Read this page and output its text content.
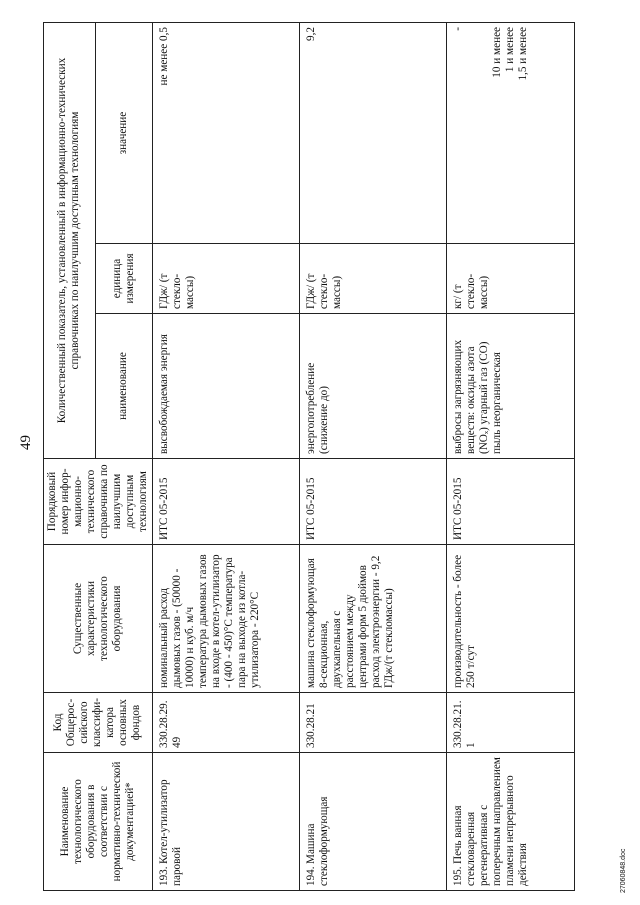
49
Наименование технологического оборудования в соответствии с нормативно-технической документацией*	Код Общерос-сийского классифи-катора основных фондов	Существенные характеристики технологического оборудования	Порядковый номер инфор-мационно-технического справочника по наилучшим доступным технологиям	Количественный показатель, установленный в информационно-технических справочниках по наилучшим доступным технологиям		
				наименование	единица измерения	значение
193.Котел-утилизатор паровой	330.28.29.49	номинальный расход дымовых газов - (50000 - 10000) н куб. м/ч температура дымовых газов на входе в котел-утилизатор - (400 - 450)°С температура пара на выходе из котла-утилизатора - 220°С	ИТС 05-2015	высвобождаемая энергия	ГДж/ (т стекло-массы)	не менее 0,5
194.Машина стеклоформующая	330.28.21	машина стеклоформующая 8-секционная, двухкапельная с расстоянием между центрами форм 5 дюймов расход электроэнергии - 9,2 ГДж/(т стекломассы)	ИТС 05-2015	энергопотребление (снижение до)	ГДж/ (т стекло-массы)	9,2
195.Печь ванная стекловаренная регенеративная с поперечным направлением пламени непрерывного действия	330.28.21.1	производительность - более 250 т/сут	ИТС 05-2015	выбросы загрязняющих веществ: оксиды азота (NOₓ) угарный газ (CO) пыль неорганическая	кг/ (т стекло-массы)	- 10 и менее 1 и менее 1,5 и менее
27060848.doc
